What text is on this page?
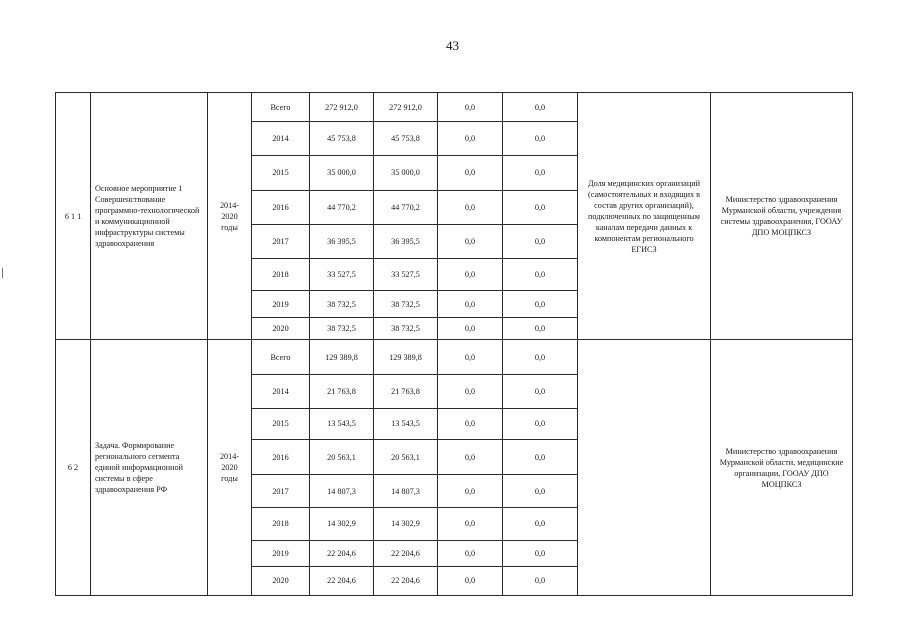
43
6 1 1	Основное мероприятие 1 Совершенствование программно-технологической и коммуникационной инфраструктуры системы здравоохранения	2014-2020 годы	Всего	272 912,0	272 912,0	0,0	0,0	Доля медицинских организаций (самостоятельных и входящих в состав других организаций), подключенных по защищенным каналам передачи данных к компонентам регионального ЕГИСЗ	Министерство здравоохранения Мурманской области, учреждения системы здравоохранения, ГООАУ ДПО МОЦПКСЗ
			2014	45 753,8	45 753,8	0,0	0,0		
			2015	35 000,0	35 000,0	0,0	0,0		
			2016	44 770,2	44 770,2	0,0	0,0		
			2017	36 395,5	36 395,5	0,0	0,0		
			2018	33 527,5	33 527,5	0,0	0,0		
			2019	38 732,5	38 732,5	0,0	0,0		
			2020	38 732,5	38 732,5	0,0	0,0		
6 2	Задача. Формирование регионального сегмента единой информационной системы в сфере здравоохранения РФ	2014-2020 годы	Всего	129 389,8	129 389,8	0,0	0,0		Министерство здравоохранения Мурманской области, медицинские организации, ГООАУ ДПО МОЦПКСЗ
			2014	21 763,8	21 763,8	0,0	0,0		
			2015	13 543,5	13 543,5	0,0	0,0		
			2016	20 563,1	20 563,1	0,0	0,0		
			2017	14 807,3	14 807,3	0,0	0,0		
			2018	14 302,9	14 302,9	0,0	0,0		
			2019	22 204,6	22 204,6	0,0	0,0		
			2020	22 204,6	22 204,6	0,0	0,0		
